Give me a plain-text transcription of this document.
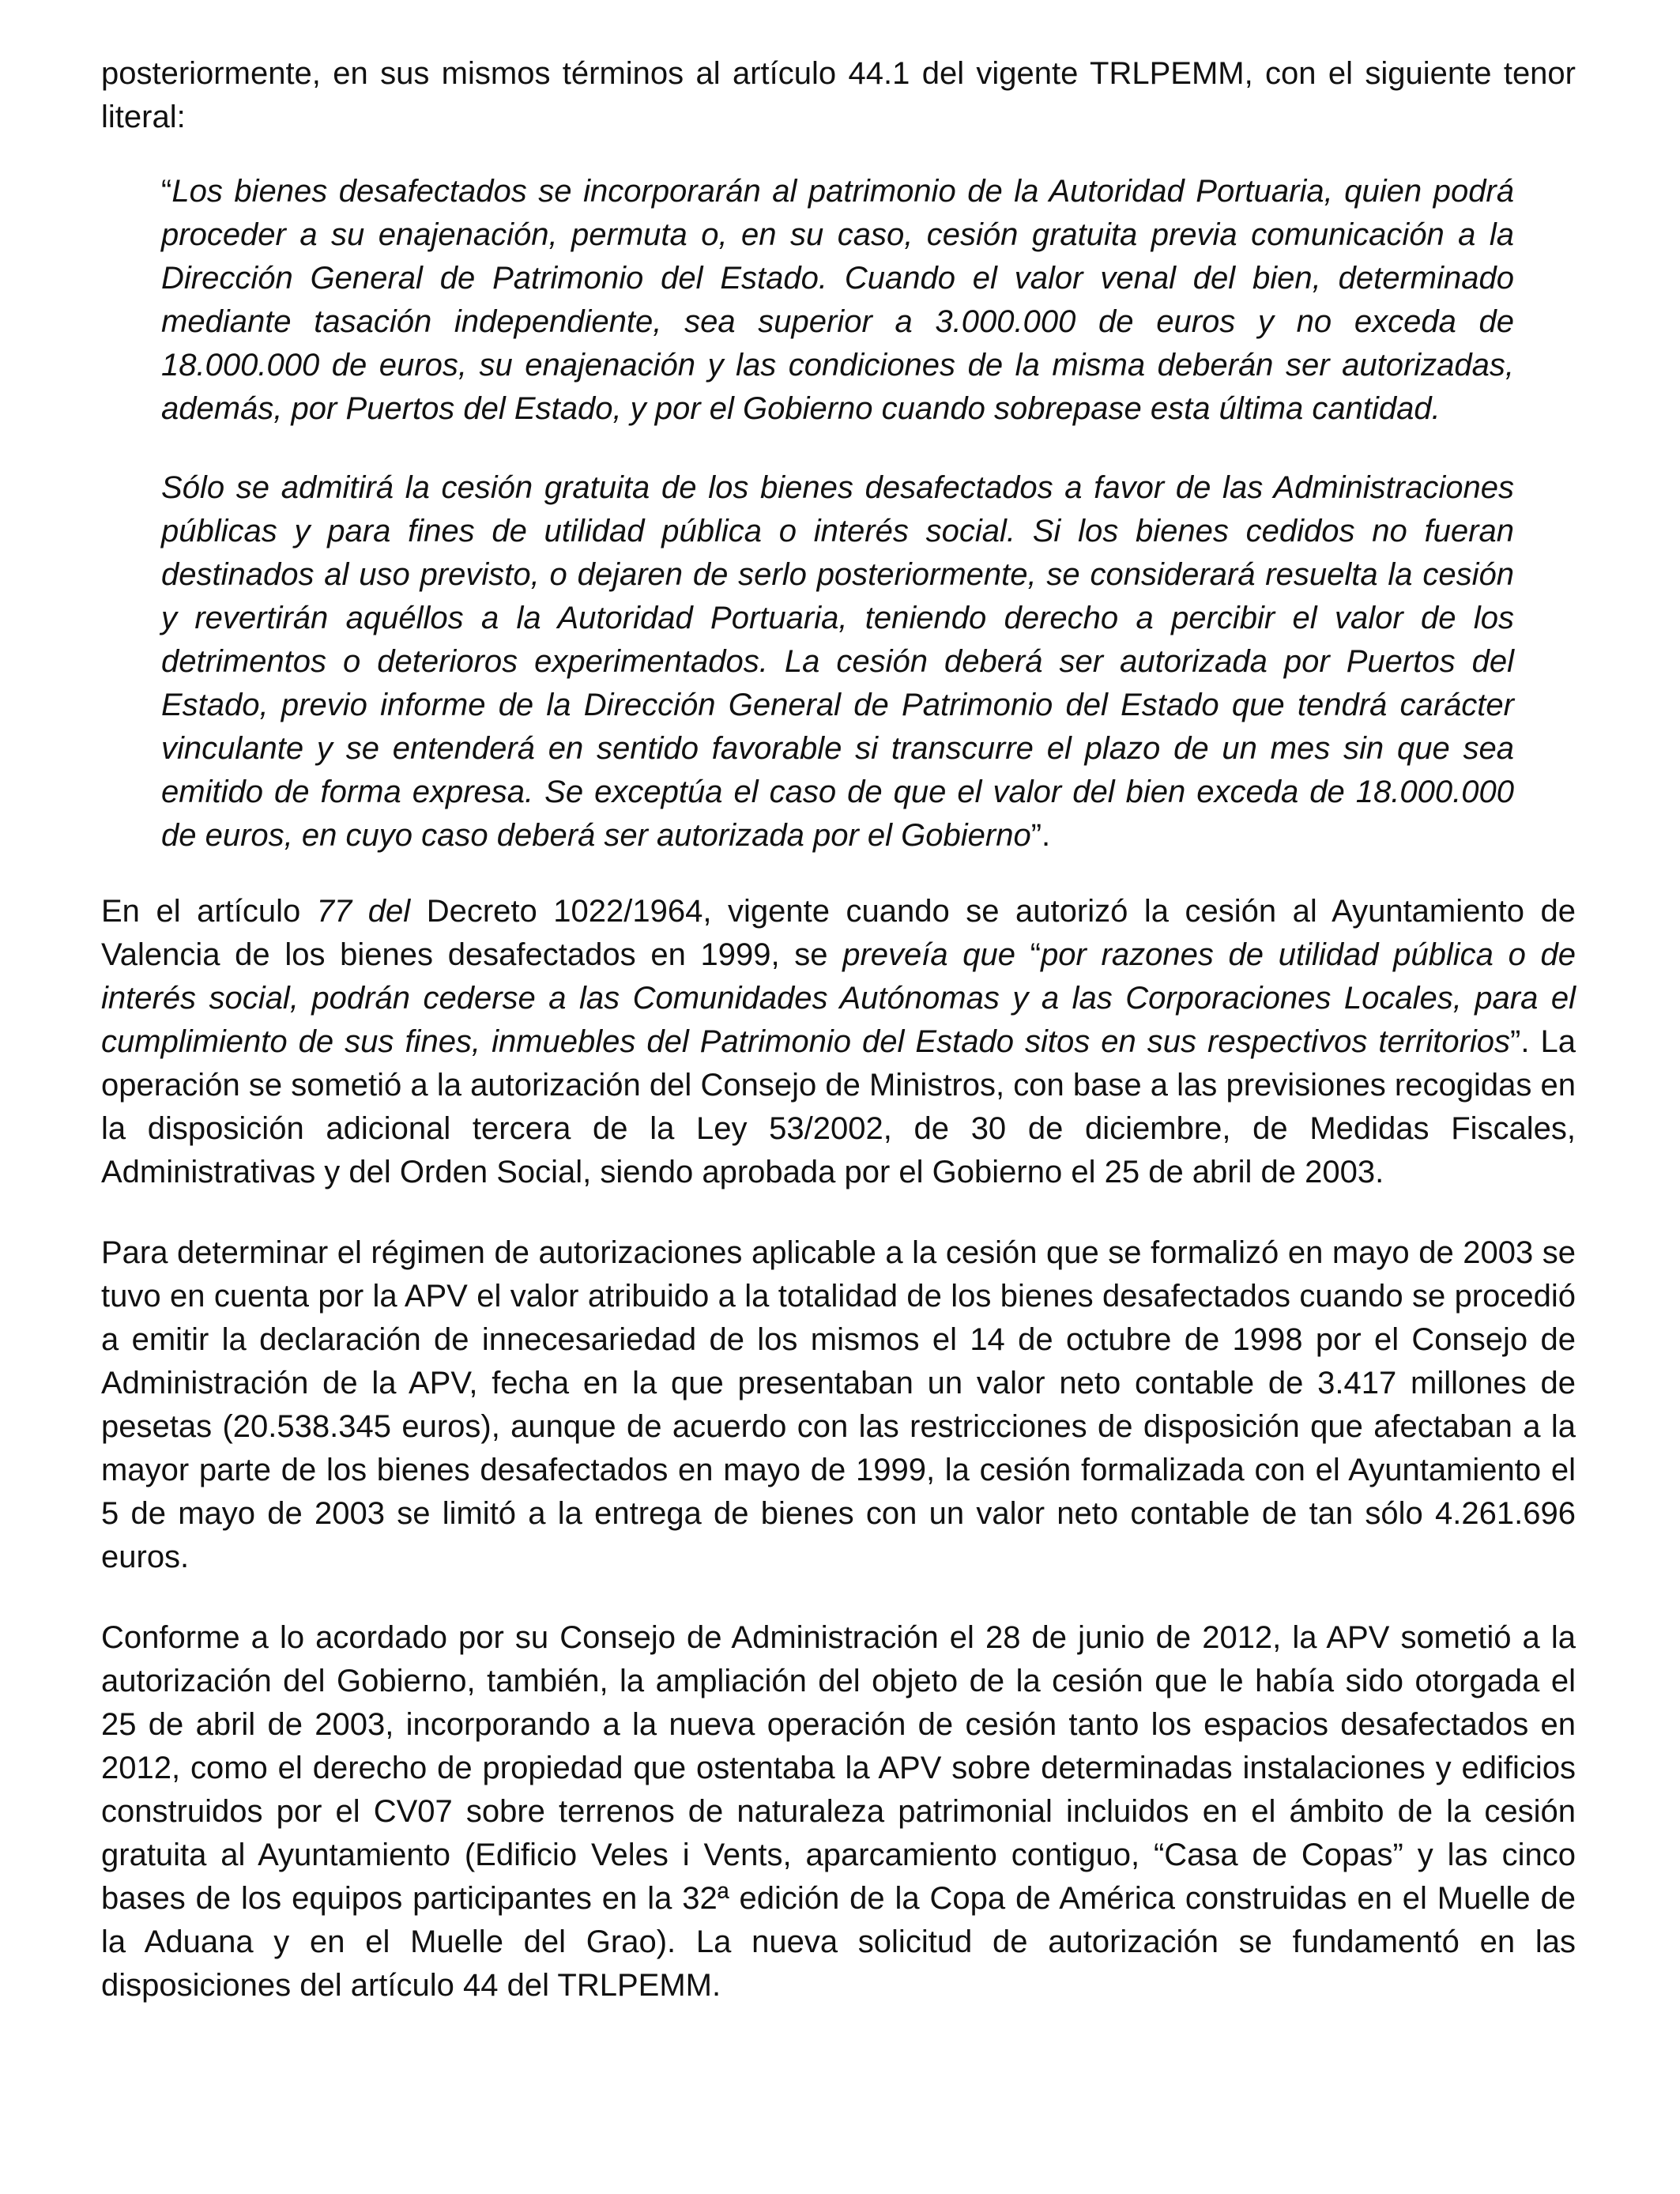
posteriormente, en sus mismos términos al artículo 44.1 del vigente TRLPEMM, con el siguiente tenor literal:

“Los bienes desafectados se incorporarán al patrimonio de la Autoridad Portuaria, quien podrá proceder a su enajenación, permuta o, en su caso, cesión gratuita previa comunicación a la Dirección General de Patrimonio del Estado. Cuando el valor venal del bien, determinado mediante tasación independiente, sea superior a 3.000.000 de euros y no exceda de 18.000.000 de euros, su enajenación y las condiciones de la misma deberán ser autorizadas, además, por Puertos del Estado, y por el Gobierno cuando sobrepase esta última cantidad.

Sólo se admitirá la cesión gratuita de los bienes desafectados a favor de las Administraciones públicas y para fines de utilidad pública o interés social. Si los bienes cedidos no fueran destinados al uso previsto, o dejaren de serlo posteriormente, se considerará resuelta la cesión y revertirán aquéllos a la Autoridad Portuaria, teniendo derecho a percibir el valor de los detrimentos o deterioros experimentados. La cesión deberá ser autorizada por Puertos del Estado, previo informe de la Dirección General de Patrimonio del Estado que tendrá carácter vinculante y se entenderá en sentido favorable si transcurre el plazo de un mes sin que sea emitido de forma expresa. Se exceptúa el caso de que el valor del bien exceda de 18.000.000 de euros, en cuyo caso deberá ser autorizada por el Gobierno”.

En el artículo 77 del Decreto 1022/1964, vigente cuando se autorizó la cesión al Ayuntamiento de Valencia de los bienes desafectados en 1999, se preveía que “por razones de utilidad pública o de interés social, podrán cederse a las Comunidades Autónomas y a las Corporaciones Locales, para el cumplimiento de sus fines, inmuebles del Patrimonio del Estado sitos en sus respectivos territorios”. La operación se sometió a la autorización del Consejo de Ministros, con base a las previsiones recogidas en la disposición adicional tercera de la Ley 53/2002, de 30 de diciembre, de Medidas Fiscales, Administrativas y del Orden Social, siendo aprobada por el Gobierno el 25 de abril de 2003.

Para determinar el régimen de autorizaciones aplicable a la cesión que se formalizó en mayo de 2003 se tuvo en cuenta por la APV el valor atribuido a la totalidad de los bienes desafectados cuando se procedió a emitir la declaración de innecesariedad de los mismos el 14 de octubre de 1998 por el Consejo de Administración de la APV, fecha en la que presentaban un valor neto contable de 3.417 millones de pesetas (20.538.345 euros), aunque de acuerdo con las restricciones de disposición que afectaban a la mayor parte de los bienes desafectados en mayo de 1999, la cesión formalizada con el Ayuntamiento el 5 de mayo de 2003 se limitó a la entrega de bienes con un valor neto contable de tan sólo 4.261.696 euros.

Conforme a lo acordado por su Consejo de Administración el 28 de junio de 2012, la APV sometió a la autorización del Gobierno, también, la ampliación del objeto de la cesión que le había sido otorgada el 25 de abril de 2003, incorporando a la nueva operación de cesión tanto los espacios desafectados en 2012, como el derecho de propiedad que ostentaba la APV sobre determinadas instalaciones y edificios construidos por el CV07 sobre terrenos de naturaleza patrimonial incluidos en el ámbito de la cesión gratuita al Ayuntamiento (Edificio Veles i Vents, aparcamiento contiguo, “Casa de Copas” y las cinco bases de los equipos participantes en la 32ª edición de la Copa de América construidas en el Muelle de la Aduana y en el Muelle del Grao). La nueva solicitud de autorización se fundamentó en las disposiciones del artículo 44 del TRLPEMM.
